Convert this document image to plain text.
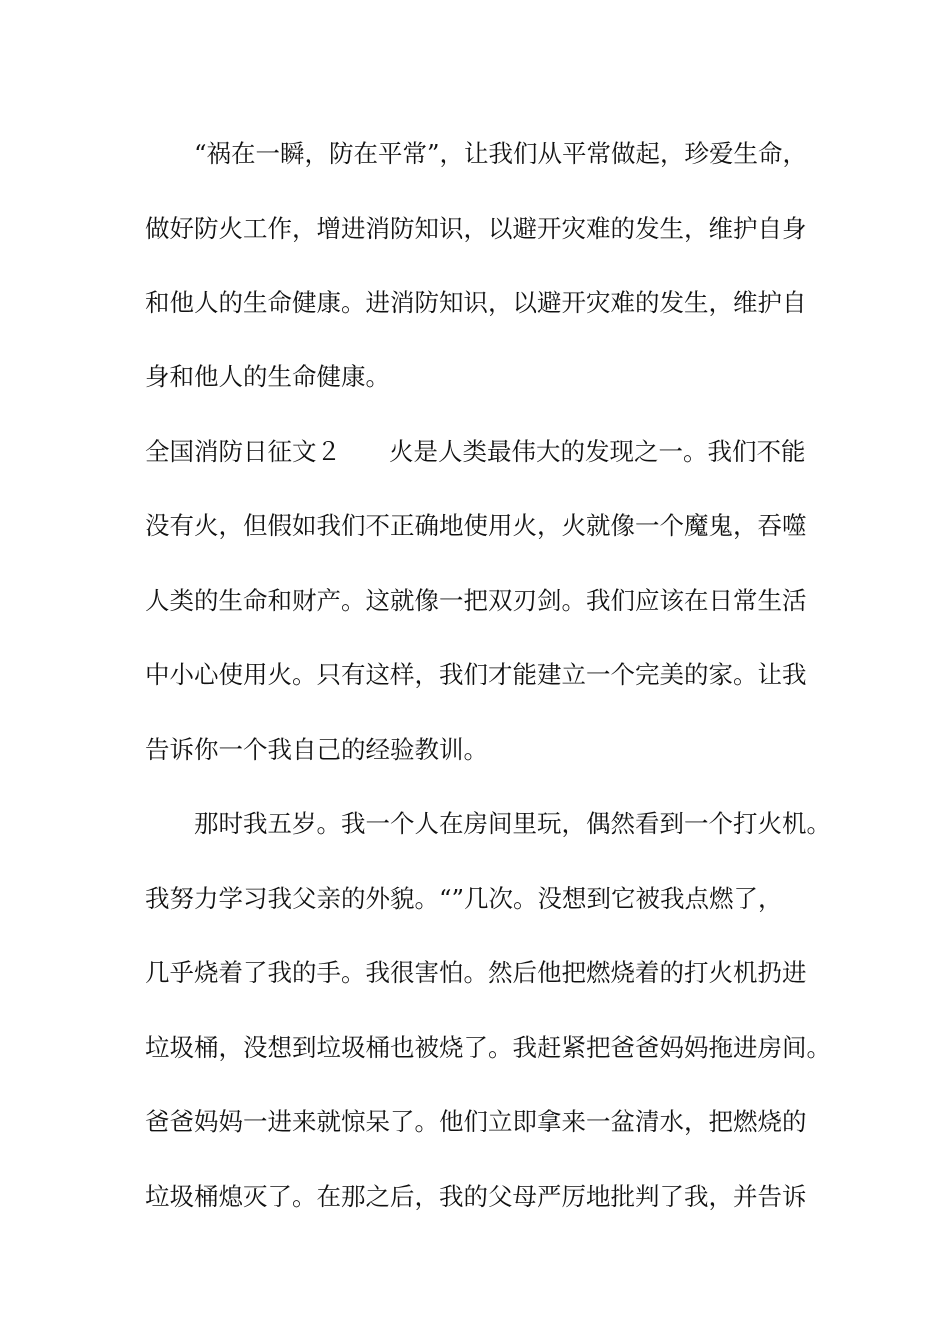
“祸在一瞬，防在平常”，让我们从平常做起，珍爱生命，
做好防火工作，增进消防知识，以避开灾难的发生，维护自身
和他人的生命健康。进消防知识，以避开灾难的发生，维护自
身和他人的生命健康。
全国消防日征文２ 火是人类最伟大的发现之一。我们不能
没有火，但假如我们不正确地使用火，火就像一个魔鬼，吞噬
人类的生命和财产。这就像一把双刃剑。我们应该在日常生活
中小心使用火。只有这样，我们才能建立一个完美的家。让我
告诉你一个我自己的经验教训。
那时我五岁。我一个人在房间里玩，偶然看到一个打火机。
我努力学习我父亲的外貌。“”几次。没想到它被我点燃了，
几乎烧着了我的手。我很害怕。然后他把燃烧着的打火机扔进
垃圾桶，没想到垃圾桶也被烧了。我赶紧把爸爸妈妈拖进房间。
爸爸妈妈一进来就惊呆了。他们立即拿来一盆清水，把燃烧的
垃圾桶熄灭了。在那之后，我的父母严厉地批判了我，并告诉
